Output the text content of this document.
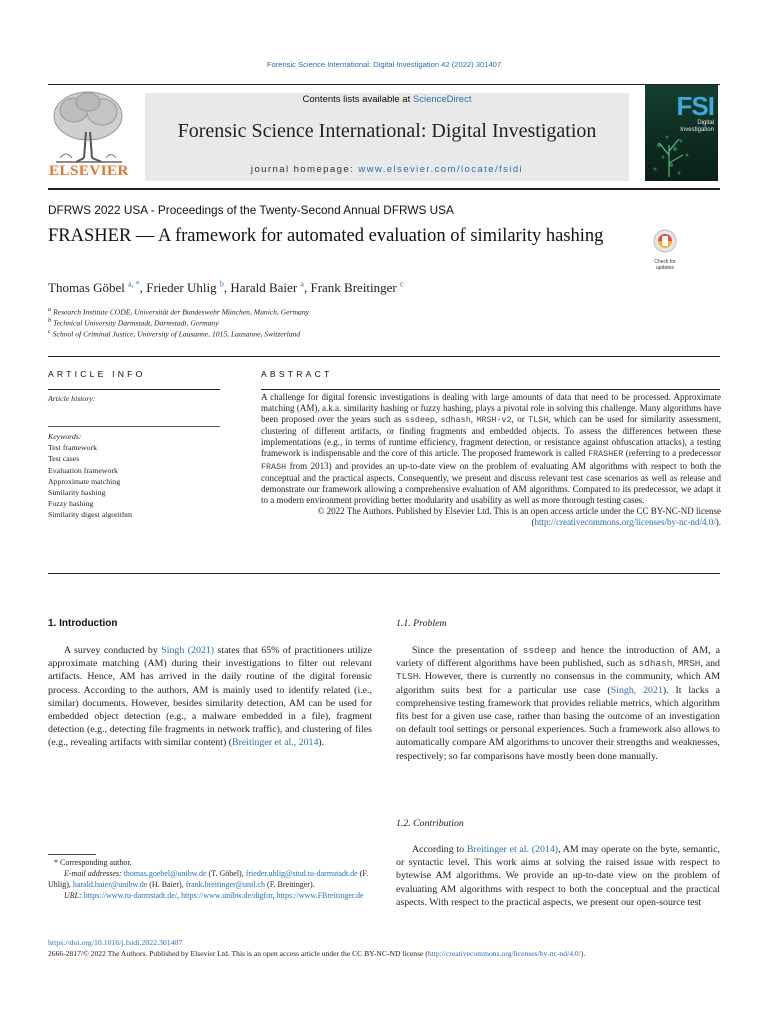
Forensic Science International: Digital Investigation 42 (2022) 301407
ELSEVIER
Contents lists available at ScienceDirect
Forensic Science International: Digital Investigation
journal homepage: www.elsevier.com/locate/fsidi
FSI
Digital
Investigation
DFRWS 2022 USA - Proceedings of the Twenty-Second Annual DFRWS USA
FRASHER — A framework for automated evaluation of similarity hashing
Check for
updates
Thomas Göbel $^{a, *}$, Frieder Uhlig $^b$, Harald Baier $^a$, Frank Breitinger $^c$
$^a$ Research Institute CODE, Universität der Bundeswehr München, Munich, Germany
$^b$ Technical University Darmstadt, Darmstadt, Germany
$^c$ School of Criminal Justice, University of Lausanne, 1015, Lausanne, Switzerland
ARTICLE INFO	ABSTRACT
Article history:
Keywords:
Test framework
Test cases
Evaluation framework
Approximate matching
Similarity hashing
Fuzzy hashing
Similarity digest algorithm
A challenge for digital forensic investigations is dealing with large amounts of data that need to be processed. Approximate matching (AM), a.k.a. similarity hashing or fuzzy hashing, plays a pivotal role in solving this challenge. Many algorithms have been proposed over the years such as ssdeep, sdhash, MRSH-v2, or TLSH, which can be used for similarity assessment, clustering of different artifacts, or finding fragments and embedded objects. To assess the differences between these implementations (e.g., in terms of runtime efficiency, fragment detection, or resistance against obfuscation attacks), a testing framework is indispensable and the core of this article. The proposed framework is called FRASHER (referring to a predecessor FRASH from 2013) and provides an up-to-date view on the problem of evaluating AM algorithms with respect to both the conceptual and the practical aspects. Consequently, we present and discuss relevant test case scenarios as well as release and demonstrate our framework allowing a comprehensive evaluation of AM algorithms. Compared to its predecessor, we adapt it to a modern environment providing better modularity and usability as well as more thorough testing cases.
© 2022 The Authors. Published by Elsevier Ltd. This is an open access article under the CC BY-NC-ND license (http://creativecommons.org/licenses/by-nc-nd/4.0/).
1. Introduction
A survey conducted by Singh (2021) states that 65% of practitioners utilize approximate matching (AM) during their investigations to filter out relevant artifacts. Hence, AM has arrived in the daily routine of the digital forensic process. According to the authors, AM is mainly used to identify related (i.e., similar) documents. However, besides similarity detection, AM can be used for embedded object detection (e.g., a malware embedded in a file), fragment detection (e.g., detecting file fragments in network traffic), and clustering of files (e.g., revealing artifacts with similar content) (Breitinger et al., 2014).
* Corresponding author.
E-mail addresses: thomas.goebel@unibw.de (T. Göbel), frieder.uhlig@stud.tu-darmstadt.de (F. Uhlig), harald.baier@unibw.de (H. Baier), frank.breitinger@unil.ch (F. Breitinger).
URL: https://www.tu-darmstadt.de/, https://www.unibw.de/digfor, https://www.FBreitinger.de
1.1. Problem
Since the presentation of ssdeep and hence the introduction of AM, a variety of different algorithms have been published, such as sdhash, MRSH, and TLSH. However, there is currently no consensus in the community, which AM algorithm suits best for a particular use case (Singh, 2021). It lacks a comprehensive testing framework that provides reliable metrics, which algorithm fits best for a given use case, rather than basing the outcome of an investigation on default tool settings or personal experiences. Such a framework also allows to automatically compare AM algorithms to uncover their strengths and weaknesses, respectively; so far comparisons have mostly been done manually.
1.2. Contribution
According to Breitinger et al. (2014), AM may operate on the byte, semantic, or syntactic level. This work aims at solving the raised issue with respect to bytewise AM algorithms. We provide an up-to-date view on the problem of evaluating AM algorithms with respect to both the conceptual and the practical aspects. With respect to the practical aspects, we present our open-source test
https://doi.org/10.1016/j.fsidi.2022.301407
2666-2817/© 2022 The Authors. Published by Elsevier Ltd. This is an open access article under the CC BY-NC-ND license (http://creativecommons.org/licenses/by-nc-nd/4.0/).
